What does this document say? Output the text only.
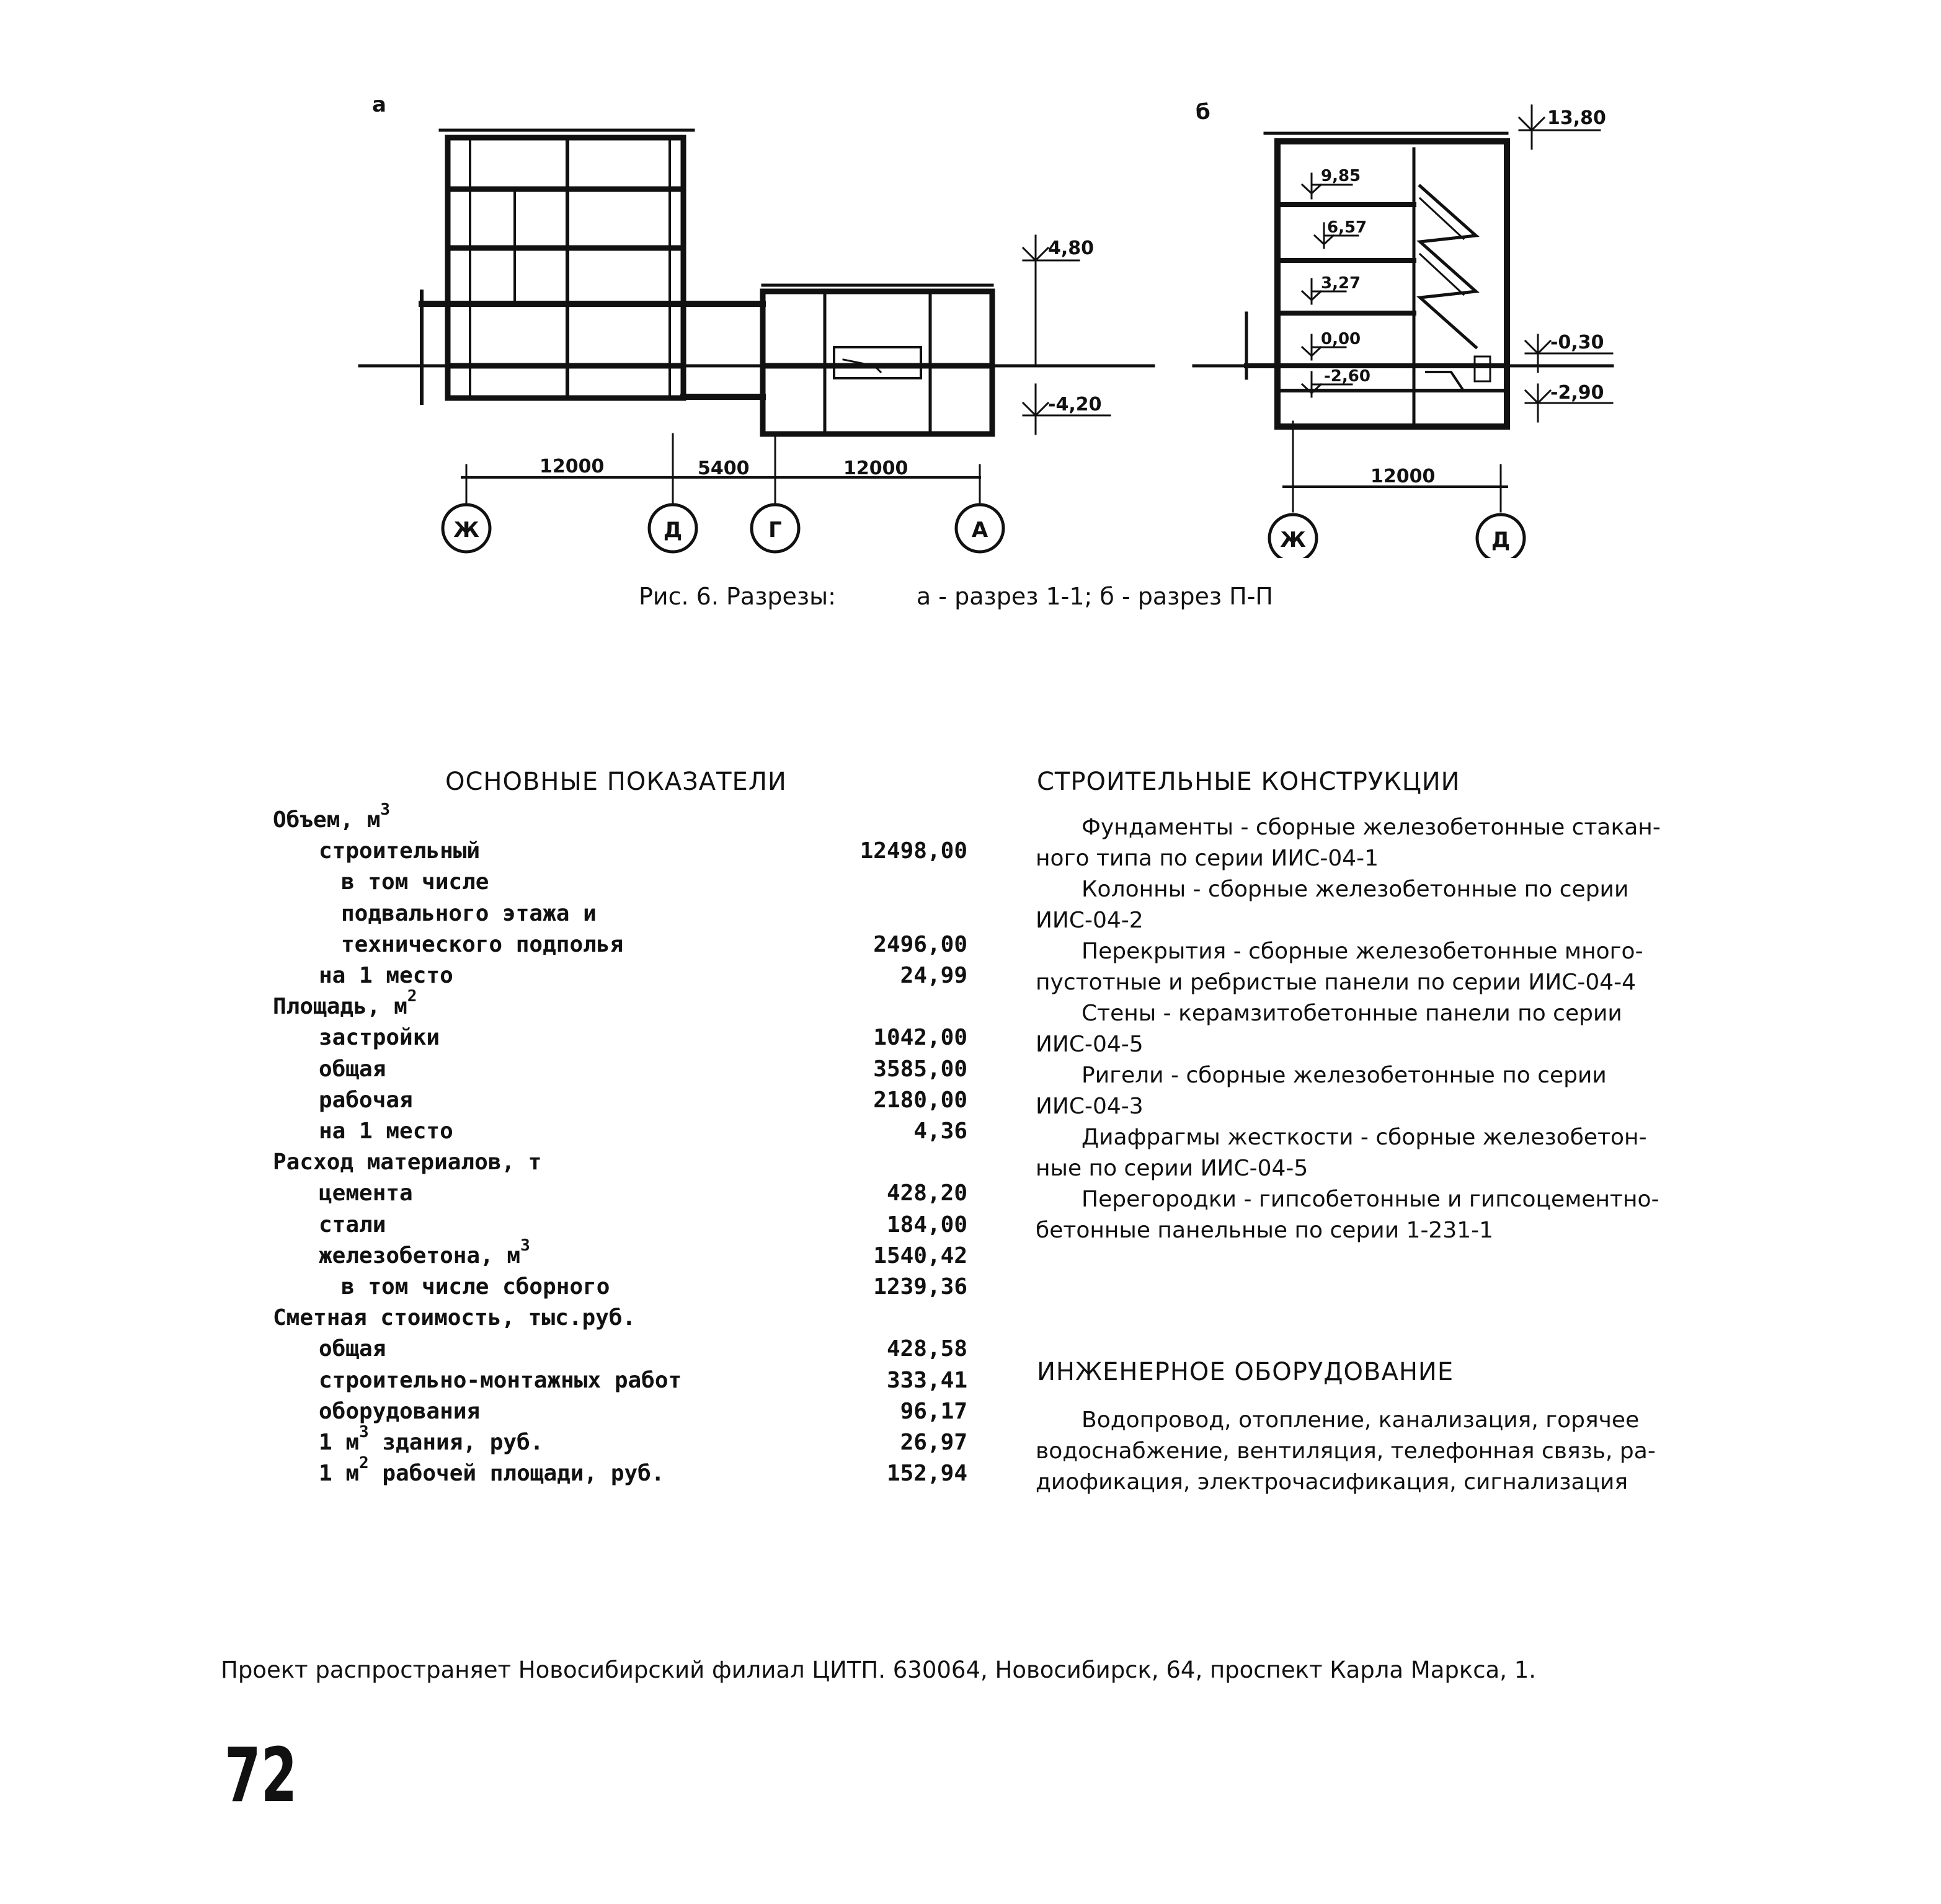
а	б
12000	5400	12000
4,80
-4,20
Ж	Д	Г	А
12000
13,80
9,85
6,57
3,27
0,00
-2,60
-0,30
-2,90
Ж	Д
Рис. 6. Разрезы:	а - разрез 1-1; б - разрез П-П
ОСНОВНЫЕ ПОКАЗАТЕЛИ
Объем, $м^3$
строительный	12498,00
в том числе
подвального этажа и
технического подполья	2496,00
на 1 место	24,99
Площадь, $м^2$
застройки	1042,00
общая	3585,00
рабочая	2180,00
на 1 место	4,36
Расход материалов, т
цемента	428,20
стали	184,00
железобетона, $м^3$	1540,42
в том числе сборного	1239,36
Сметная стоимость, тыс.руб.
общая	428,58
строительно-монтажных работ	333,41
оборудования	96,17
1 $м^3$ здания, руб.	26,97
1 $м^2$ рабочей площади, руб.	152,94
СТРОИТЕЛЬНЫЕ КОНСТРУКЦИИ
Фундаменты - сборные железобетонные стакан-
ного типа по серии ИИС-04-1
Колонны - сборные железобетонные по серии
ИИС-04-2
Перекрытия - сборные железобетонные много-
пустотные и ребристые панели по серии ИИС-04-4
Стены - керамзитобетонные панели по серии
ИИС-04-5
Ригели - сборные железобетонные по серии
ИИС-04-3
Диафрагмы жесткости - сборные железобетон-
ные по серии ИИС-04-5
Перегородки - гипсобетонные и гипсоцементно-
бетонные панельные по серии 1-231-1
ИНЖЕНЕРНОЕ ОБОРУДОВАНИЕ
Водопровод, отопление, канализация, горячее
водоснабжение, вентиляция, телефонная связь, ра-
диофикация, электрочасификация, сигнализация
Проект распространяет Новосибирский филиал ЦИТП. 630064, Новосибирск, 64, проспект Карла Маркса, 1.
72
